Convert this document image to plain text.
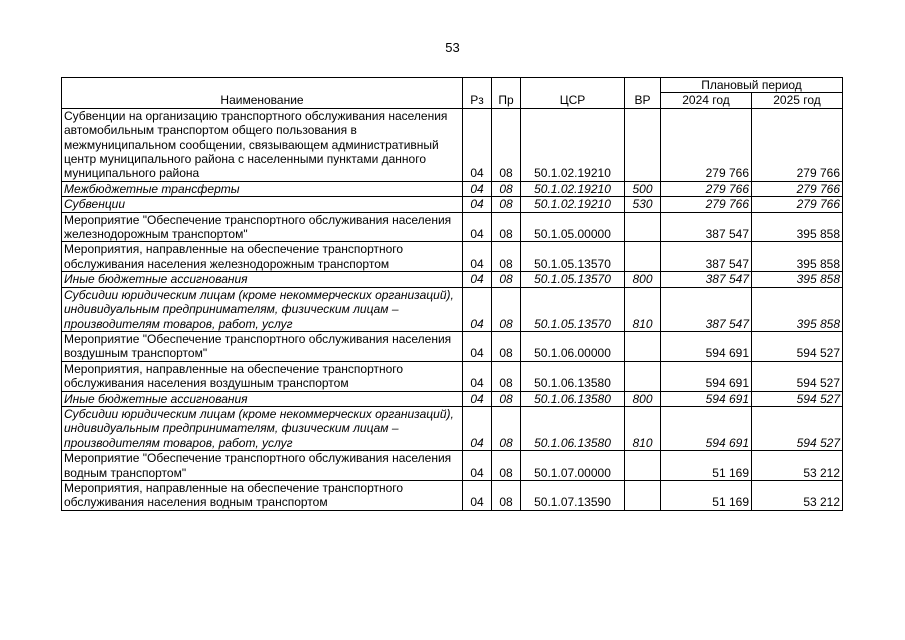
53
Наименование	Рз	Пр	ЦСР	ВР	Плановый период	
					2024 год	2025 год
Субвенции на организацию транспортного обслуживания населения автомобильным транспортом общего пользования в межмуниципальном сообщении, связывающем административный центр муниципального района с населенными пунктами данного муниципального района	04	08	50.1.02.19210		279 766	279 766
Межбюджетные трансферты	04	08	50.1.02.19210	500	279 766	279 766
Субвенции	04	08	50.1.02.19210	530	279 766	279 766
Мероприятие "Обеспечение транспортного обслуживания населения железнодорожным транспортом"	04	08	50.1.05.00000		387 547	395 858
Мероприятия, направленные на обеспечение транспортного обслуживания населения железнодорожным транспортом	04	08	50.1.05.13570		387 547	395 858
Иные бюджетные ассигнования	04	08	50.1.05.13570	800	387 547	395 858
Субсидии юридическим лицам (кроме некоммерческих организаций), индивидуальным предпринимателям, физическим лицам – производителям товаров, работ, услуг	04	08	50.1.05.13570	810	387 547	395 858
Мероприятие "Обеспечение транспортного обслуживания населения воздушным транспортом"	04	08	50.1.06.00000		594 691	594 527
Мероприятия, направленные на обеспечение транспортного обслуживания населения воздушным транспортом	04	08	50.1.06.13580		594 691	594 527
Иные бюджетные ассигнования	04	08	50.1.06.13580	800	594 691	594 527
Субсидии юридическим лицам (кроме некоммерческих организаций), индивидуальным предпринимателям, физическим лицам – производителям товаров, работ, услуг	04	08	50.1.06.13580	810	594 691	594 527
Мероприятие "Обеспечение транспортного обслуживания населения водным транспортом"	04	08	50.1.07.00000		51 169	53 212
Мероприятия, направленные на обеспечение транспортного обслуживания населения водным транспортом	04	08	50.1.07.13590		51 169	53 212
